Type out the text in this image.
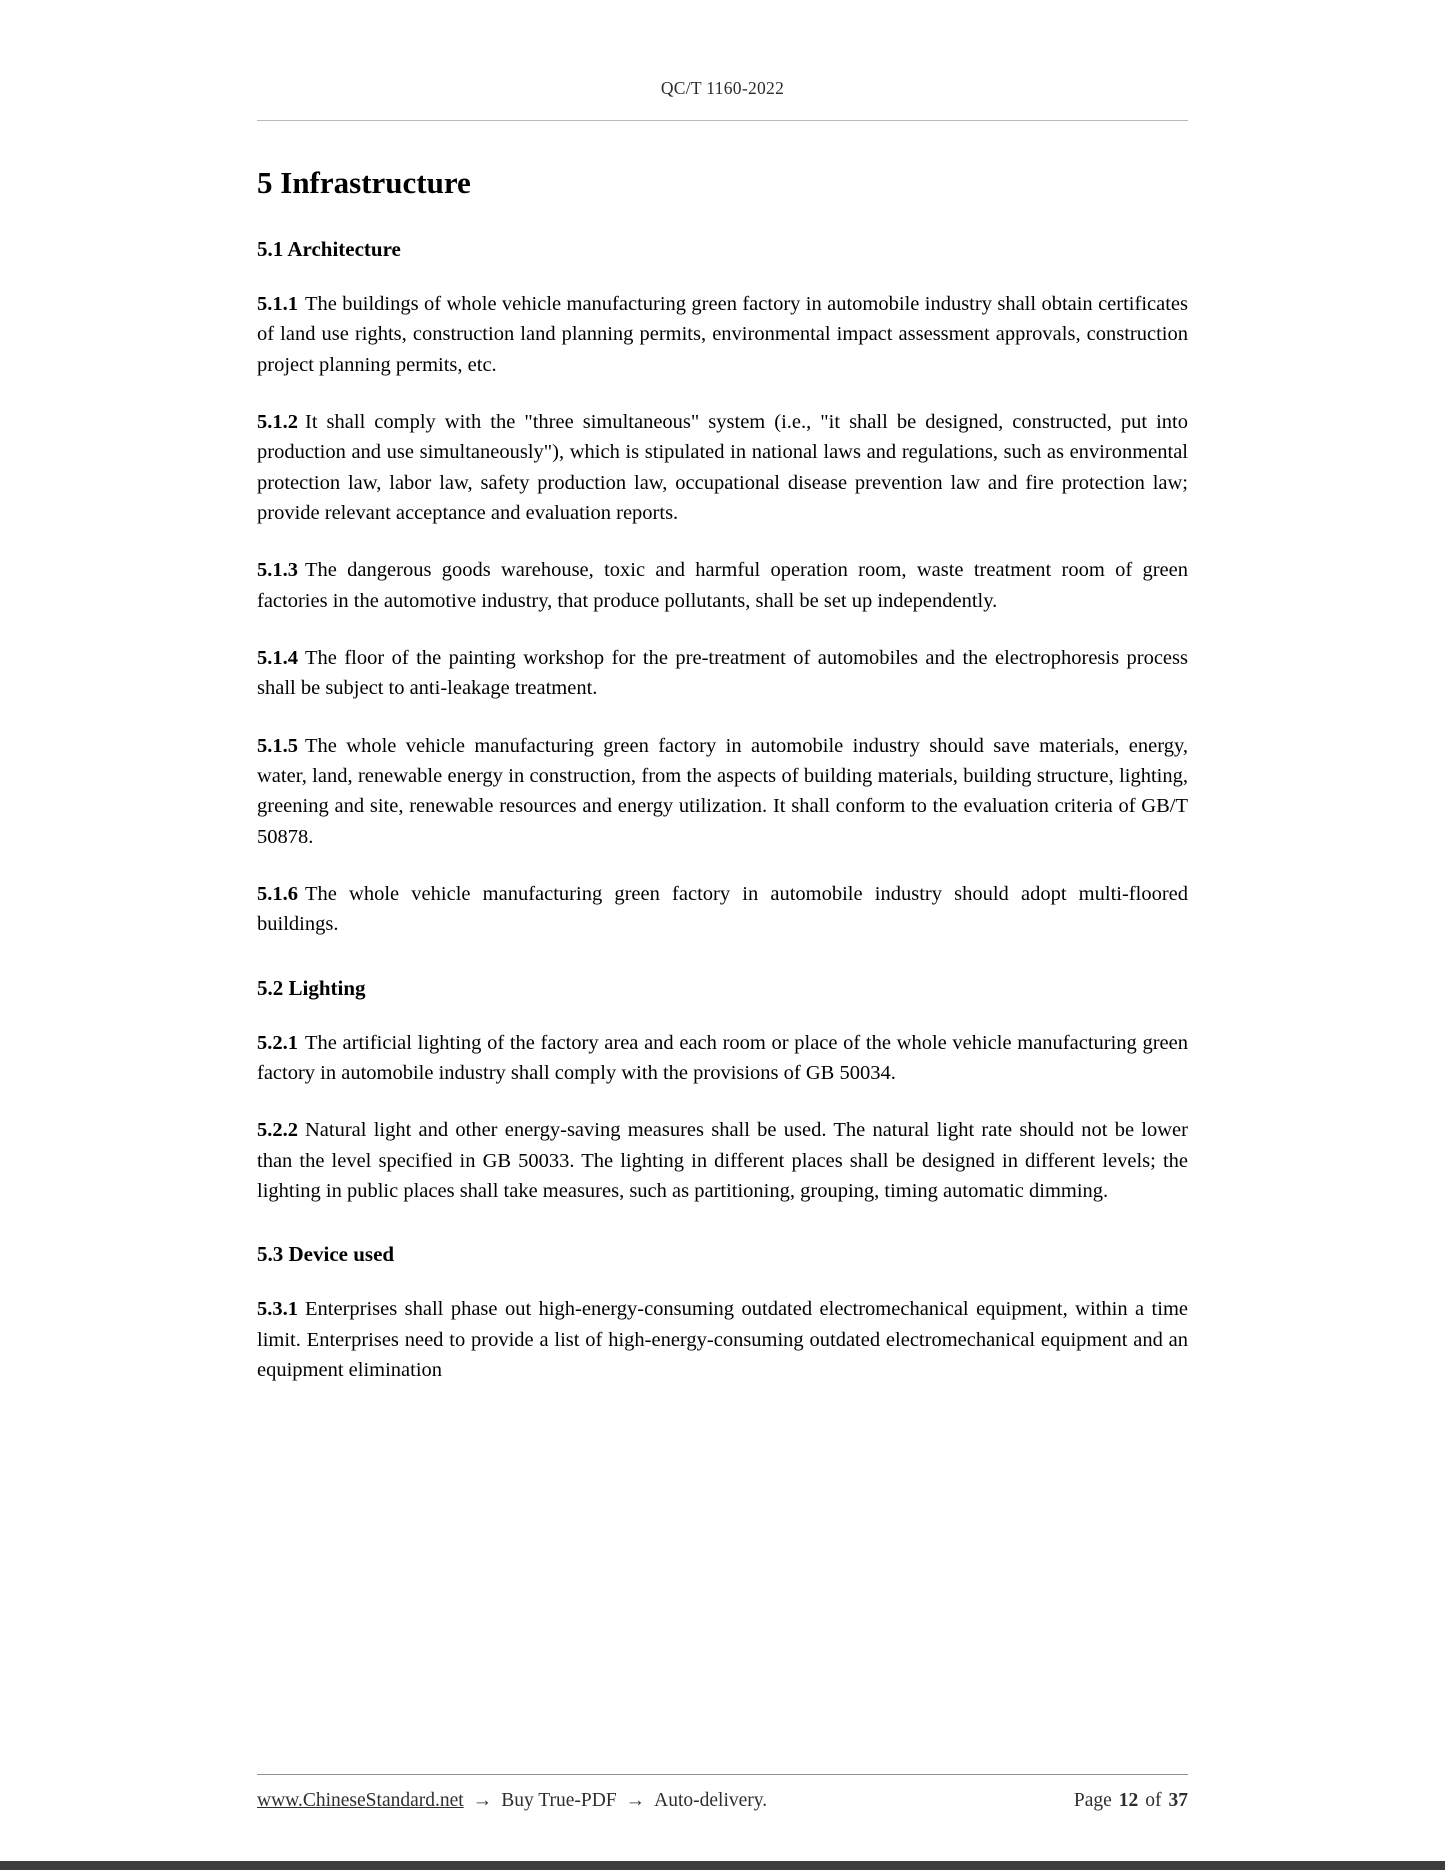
QC/T 1160-2022
5 Infrastructure
5.1 Architecture

5.1.1 The buildings of whole vehicle manufacturing green factory in automobile industry shall obtain certificates of land use rights, construction land planning permits, environmental impact assessment approvals, construction project planning permits, etc.

5.1.2 It shall comply with the "three simultaneous" system (i.e., "it shall be designed, constructed, put into production and use simultaneously"), which is stipulated in national laws and regulations, such as environmental protection law, labor law, safety production law, occupational disease prevention law and fire protection law; provide relevant acceptance and evaluation reports.

5.1.3 The dangerous goods warehouse, toxic and harmful operation room, waste treatment room of green factories in the automotive industry, that produce pollutants, shall be set up independently.

5.1.4 The floor of the painting workshop for the pre-treatment of automobiles and the electrophoresis process shall be subject to anti-leakage treatment.

5.1.5 The whole vehicle manufacturing green factory in automobile industry should save materials, energy, water, land, renewable energy in construction, from the aspects of building materials, building structure, lighting, greening and site, renewable resources and energy utilization. It shall conform to the evaluation criteria of GB/T 50878.

5.1.6 The whole vehicle manufacturing green factory in automobile industry should adopt multi-floored buildings.

5.2 Lighting

5.2.1 The artificial lighting of the factory area and each room or place of the whole vehicle manufacturing green factory in automobile industry shall comply with the provisions of GB 50034.

5.2.2 Natural light and other energy-saving measures shall be used. The natural light rate should not be lower than the level specified in GB 50033. The lighting in different places shall be designed in different levels; the lighting in public places shall take measures, such as partitioning, grouping, timing automatic dimming.

5.3 Device used

5.3.1 Enterprises shall phase out high-energy-consuming outdated electromechanical equipment, within a time limit. Enterprises need to provide a list of high-energy-consuming outdated electromechanical equipment and an equipment elimination

www.ChineseStandard.net → Buy True-PDF → Auto-delivery.	Page 12 of 37
